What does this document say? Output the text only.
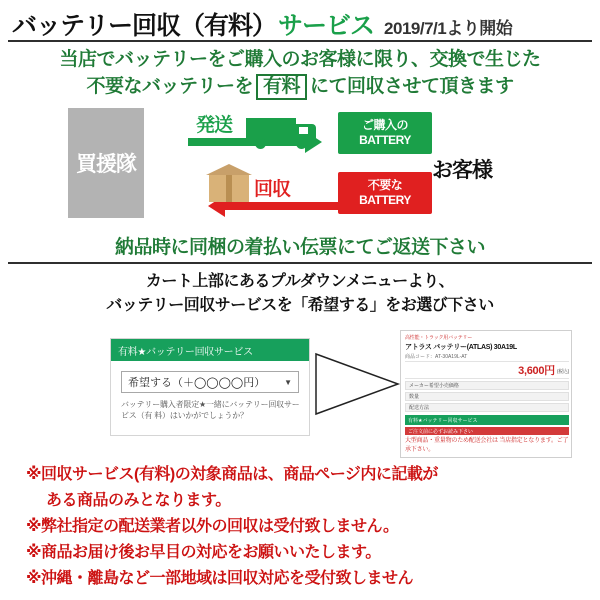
バッテリー回収（有料） サービス 2019/7/1より開始
当店でバッテリーをご購入のお客様に限り、交換で生じた
不要なバッテリーを 有料 にて回収させて頂きます
買援隊
発送	ご購入の
BATTERY
回収	不要な
BATTERY
お客様
納品時に同梱の着払い伝票にてご返送下さい
カート上部にあるプルダウンメニューより、
バッテリー回収サービスを「希望する」をお選び下さい
有料★バッテリー回収サービス
希望する（＋◯◯◯◯円） ▼
バッテリー購入者限定★一緒にバッテリー回収サービス（有 料）はいかがでしょうか？
高性能・トラック用バッテリー
アトラス バッテリー(ATLAS) 30A19L
商品コード：AT-30A19L-AT
3,600円 (税込)
メーカー希望小売価格
数量
配送方法
有料★バッテリー回収サービス
ご注文前に必ずお読み下さい
大型商品・重量物のため配送会社は 当店指定となります。ご了承下さい。
※回収サービス(有料)の対象商品は、商品ページ内に記載が
ある商品のみとなります。
※弊社指定の配送業者以外の回収は受付致しません。
※商品お届け後お早目の対応をお願いいたします。
※沖縄・離島など一部地域は回収対応を受付致しません
